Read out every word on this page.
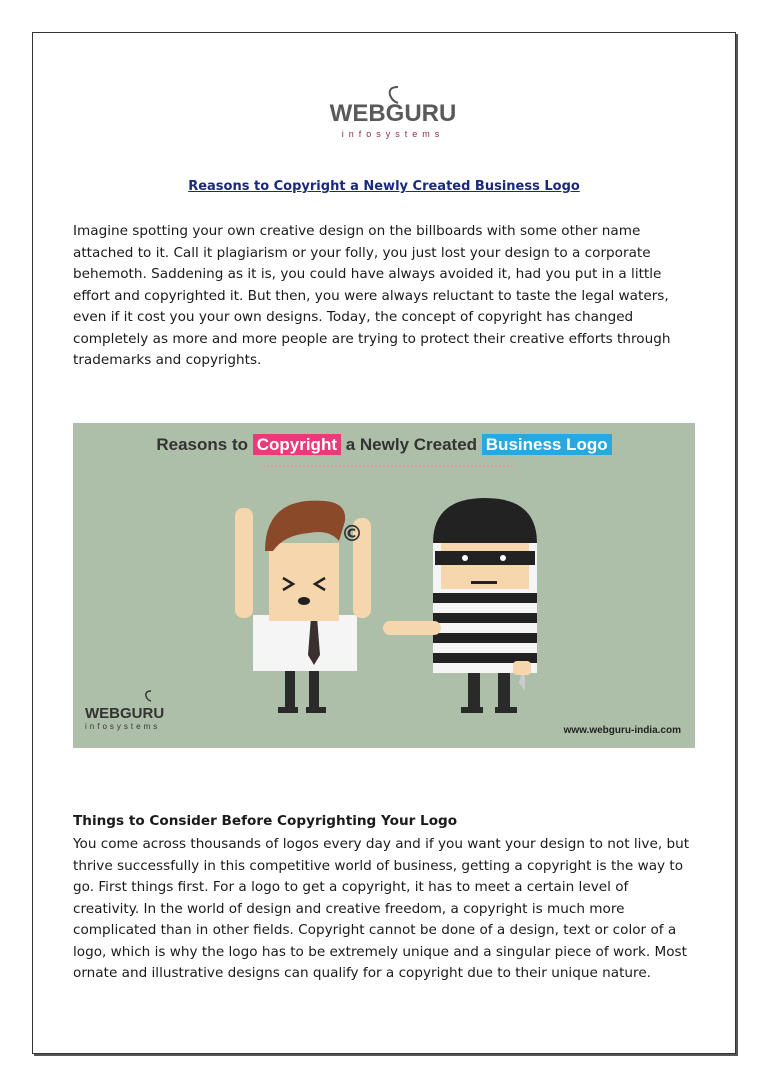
WEBGURU
infosystems
Reasons to Copyright a Newly Created Business Logo

Imagine spotting your own creative design on the billboards with some other name attached to it. Call it plagiarism or your folly, you just lost your design to a corporate behemoth. Saddening as it is, you could have always avoided it, had you put in a little effort and copyrighted it. But then, you were always reluctant to taste the legal waters, even if it cost you your own designs. Today, the concept of copyright has changed completely as more and more people are trying to protect their creative efforts through trademarks and copyrights.

Reasons to Copyright a Newly Created Business Logo
©
WEBGURU
infosystems	www.webguru-india.com
Things to Consider Before Copyrighting Your Logo

You come across thousands of logos every day and if you want your design to not live, but thrive successfully in this competitive world of business, getting a copyright is the way to go. First things first. For a logo to get a copyright, it has to meet a certain level of creativity. In the world of design and creative freedom, a copyright is much more complicated than in other fields. Copyright cannot be done of a design, text or color of a logo, which is why the logo has to be extremely unique and a singular piece of work. Most ornate and illustrative designs can qualify for a copyright due to their unique nature.
